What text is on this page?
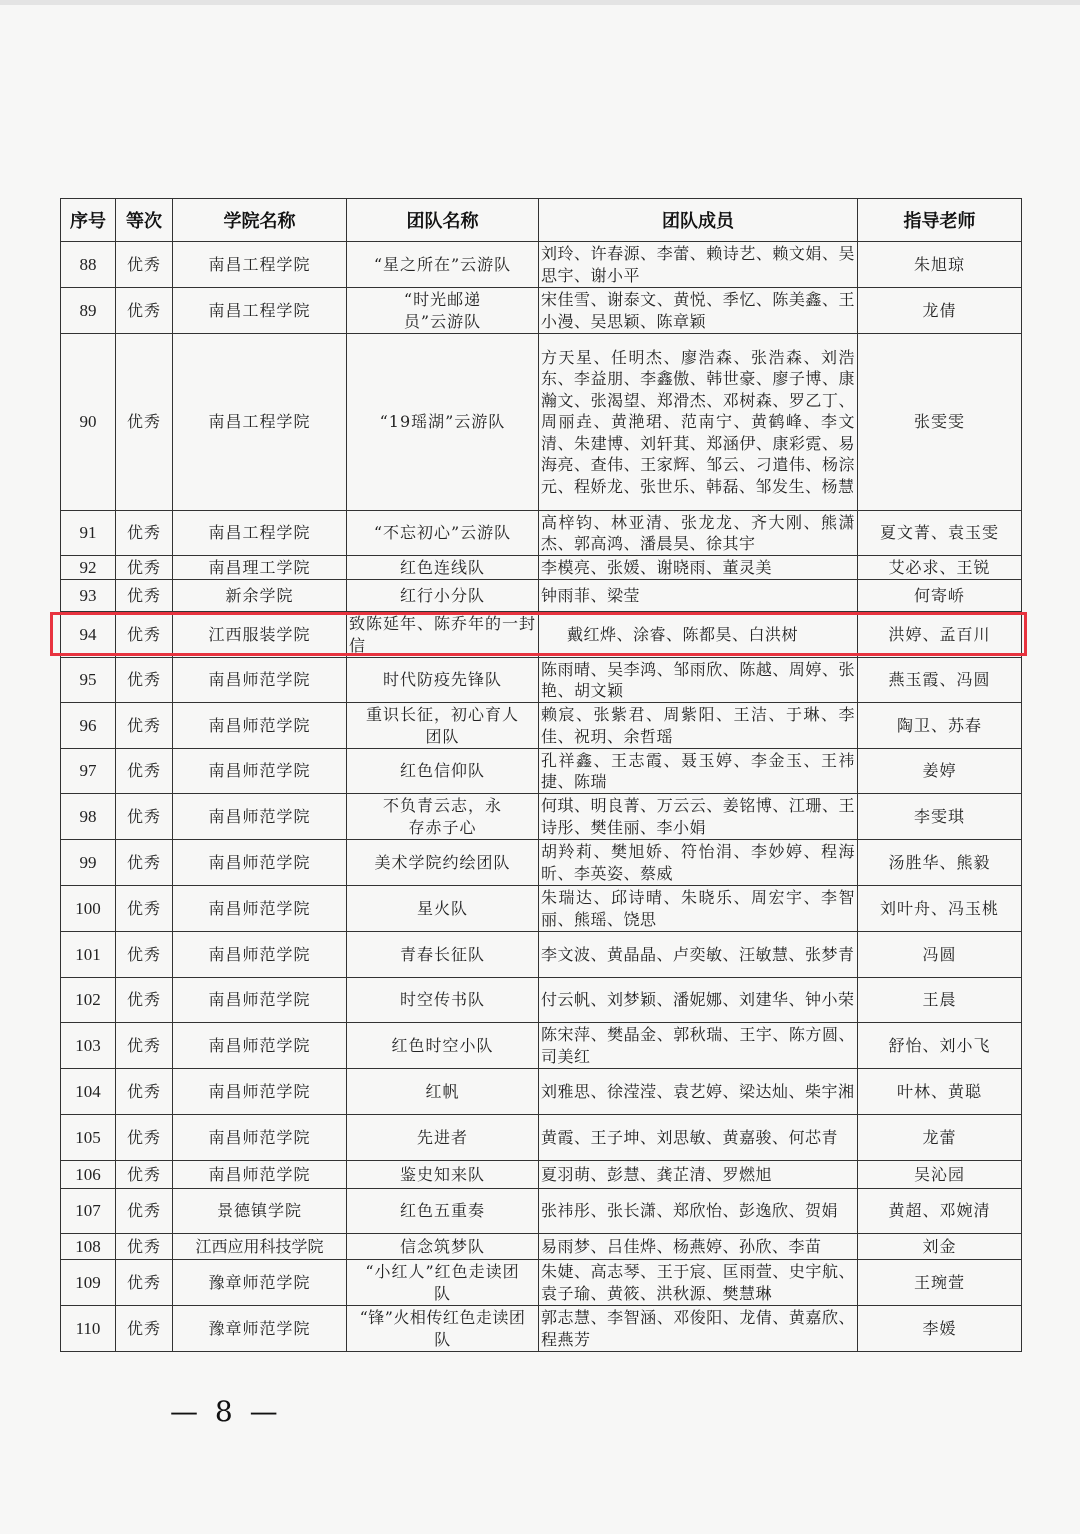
序号	等次	学院名称	团队名称	团队成员	指导老师
88	优秀	南昌工程学院	“星之所在”云游队	刘玲、许春源、李蕾、赖诗艺、赖文娟、吴思宇、谢小平	朱旭琼
89	优秀	南昌工程学院	“时光邮递员”云游队	宋佳雪、谢泰文、黄悦、季忆、陈美鑫、王小漫、吴思颖、陈章颖	龙倩
90	优秀	南昌工程学院	“19瑶湖”云游队	方天星、任明杰、廖浩森、张浩森、刘浩东、李益朋、李鑫傲、韩世豪、廖子博、康瀚文、张渴望、郑滑杰、邓树森、罗乙丁、周丽垚、黄滟珺、范南宁、黄鹤峰、李文清、朱建博、刘轩萁、郑涵伊、康彩霓、易海亮、查伟、王家辉、邹云、刁遣伟、杨淙元、程娇龙、张世乐、韩磊、邹发生、杨慧	张雯雯
91	优秀	南昌工程学院	“不忘初心”云游队	高梓钧、林亚清、张龙龙、齐大刚、熊潇杰、郭高鸿、潘晨昊、徐其宇	夏文菁、袁玉雯
92	优秀	南昌理工学院	红色连线队	李模亮、张媛、谢晓雨、董灵美	艾必求、王锐
93	优秀	新余学院	红行小分队	钟雨菲、梁莹	何寄峤
94	优秀	江西服装学院	致陈延年、陈乔年的一封信	戴红烨、涂睿、陈都昊、白洪树	洪婷、孟百川
95	优秀	南昌师范学院	时代防疫先锋队	陈雨晴、吴李鸿、邹雨欣、陈越、周婷、张艳、胡文颖	燕玉霞、冯圆
96	优秀	南昌师范学院	重识长征，初心育人团队	赖宸、张紫君、周紫阳、王洁、于琳、李佳、祝玥、余哲瑶	陶卫、苏春
97	优秀	南昌师范学院	红色信仰队	孔祥鑫、王志霞、聂玉婷、李金玉、王祎捷、陈瑞	姜婷
98	优秀	南昌师范学院	不负青云志，永存赤子心	何琪、明良菁、万云云、姜铭博、江珊、王诗彤、樊佳丽、李小娟	李雯琪
99	优秀	南昌师范学院	美术学院约绘团队	胡羚莉、樊旭娇、符怡涓、李妙婷、程海昕、李英姿、蔡威	汤胜华、熊毅
100	优秀	南昌师范学院	星火队	朱瑞达、邱诗晴、朱晓乐、周宏宇、李智丽、熊瑶、饶思	刘叶舟、冯玉桃
101	优秀	南昌师范学院	青春长征队	李文波、黄晶晶、卢奕敏、汪敏慧、张梦青	冯圆
102	优秀	南昌师范学院	时空传书队	付云帆、刘梦颖、潘妮娜、刘建华、钟小荣	王晨
103	优秀	南昌师范学院	红色时空小队	陈宋萍、樊晶金、郭秋瑞、王宇、陈方圆、司美红	舒怡、刘小飞
104	优秀	南昌师范学院	红帆	刘雅思、徐滢滢、袁艺婷、梁达灿、柴宇湘	叶林、黄聪
105	优秀	南昌师范学院	先进者	黄霞、王子坤、刘思敏、黄嘉骏、何芯青	龙蕾
106	优秀	南昌师范学院	鉴史知来队	夏羽萌、彭慧、龚芷清、罗燃旭	吴沁园
107	优秀	景德镇学院	红色五重奏	张祎彤、张长潇、郑欣怡、彭逸欣、贺娟	黄超、邓婉清
108	优秀	江西应用科技学院	信念筑梦队	易雨梦、吕佳烨、杨燕婷、孙欣、李苗	刘金
109	优秀	豫章师范学院	“小红人”红色走读团队	朱婕、高志琴、王于宸、匡雨萱、史宇航、袁子瑜、黄筱、洪秋源、樊慧琳	王琬萱
110	优秀	豫章师范学院	“锋”火相传红色走读团队	郭志慧、李智涵、邓俊阳、龙倩、黄嘉欣、程燕芳	李媛
— 8 —
